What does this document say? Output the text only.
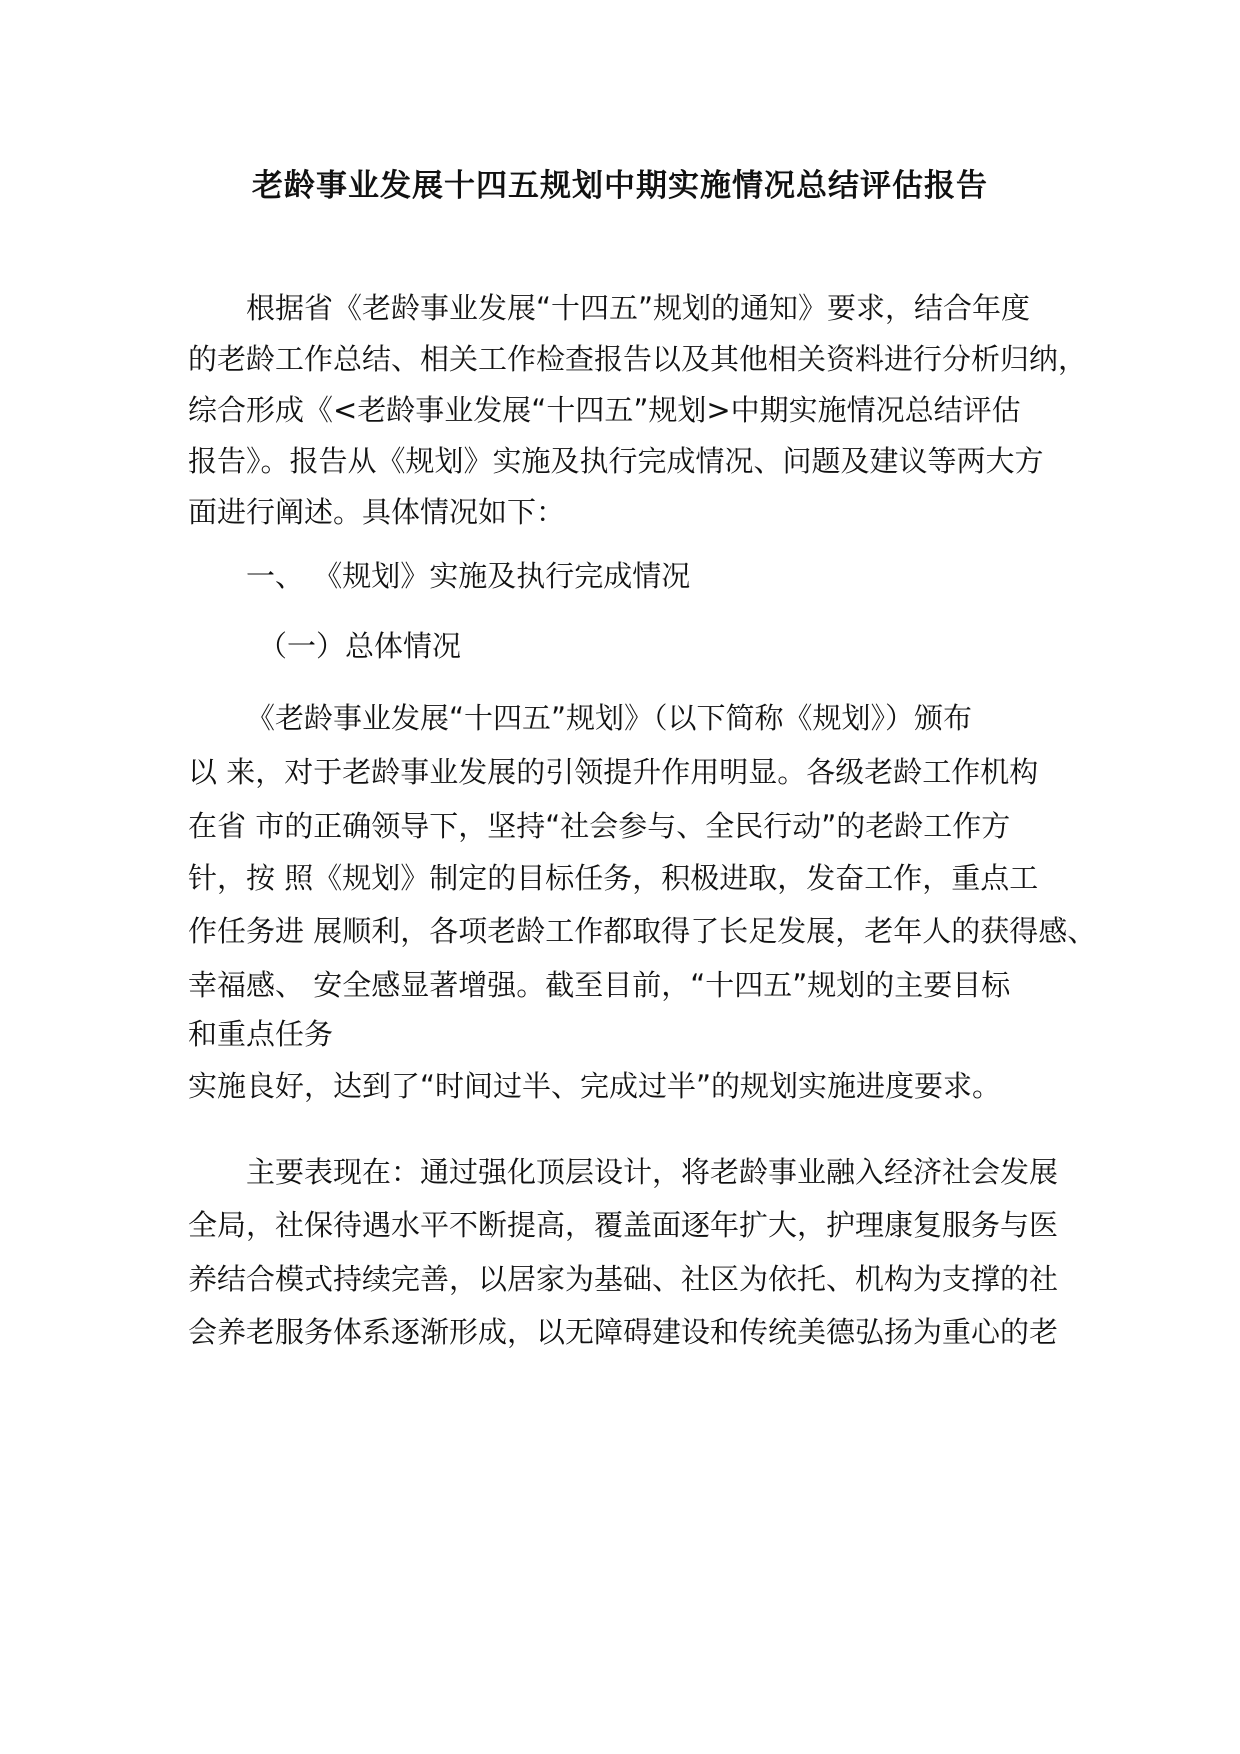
老龄事业发展十四五规划中期实施情况总结评估报告
根据省《老龄事业发展“十四五”规划的通知》要求，结合年度
的老龄工作总结、相关工作检查报告以及其他相关资料进行分析归纳，
综合形成《<老龄事业发展“十四五”规划>中期实施情况总结评估
报告》。报告从《规划》实施及执行完成情况、问题及建议等两大方
面进行阐述。具体情况如下：
一、 《规划》实施及执行完成情况
（一）总体情况
《老龄事业发展“十四五”规划》（以下简称《规划》）颁布
以 来，对于老龄事业发展的引领提升作用明显。各级老龄工作机构
在省 市的正确领导下，坚持“社会参与、全民行动”的老龄工作方
针，按 照《规划》制定的目标任务，积极进取，发奋工作，重点工
作任务进 展顺利，各项老龄工作都取得了长足发展，老年人的获得感、
幸福感、 安全感显著增强。截至目前，“十四五”规划的主要目标
和重点任务
实施良好，达到了“时间过半、完成过半”的规划实施进度要求。
主要表现在：通过强化顶层设计，将老龄事业融入经济社会发展
全局，社保待遇水平不断提高，覆盖面逐年扩大，护理康复服务与医
养结合模式持续完善，以居家为基础、社区为依托、机构为支撑的社
会养老服务体系逐渐形成，以无障碍建设和传统美德弘扬为重心的老
